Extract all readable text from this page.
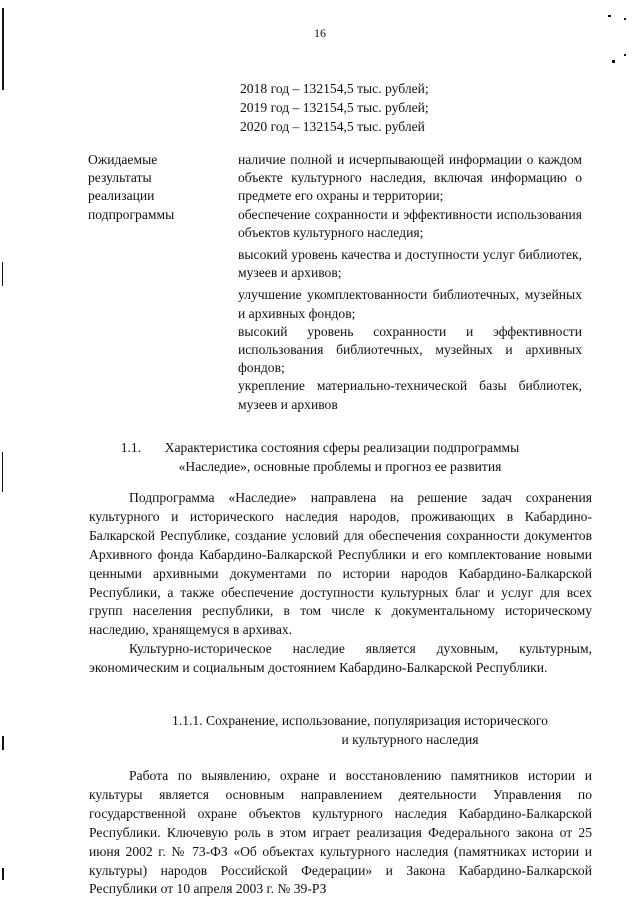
16
2018 год – 132154,5 тыс. рублей;
2019 год – 132154,5 тыс. рублей;
2020 год – 132154,5 тыс. рублей
Ожидаемые
результаты
реализации
подпрограммы

наличие полной и исчерпывающей информации о каждом объекте культурного наследия, включая информацию о предмете его охраны и территории;

обеспечение сохранности и эффективности использования объектов культурного наследия;

высокий уровень качества и доступности услуг библиотек, музеев и архивов;

улучшение укомплектованности библиотечных, музейных и архивных фондов;

высокий уровень сохранности и эффективности использования библиотечных, музейных и архивных фондов;

укрепление материально-технической базы библиотек, музеев и архивов

1.1. Характеристика состояния сферы реализации подпрограммы
«Наследие», основные проблемы и прогноз ее развития

Подпрограмма «Наследие» направлена на решение задач сохранения культурного и исторического наследия народов, проживающих в Кабардино-Балкарской Республике, создание условий для обеспечения сохранности документов Архивного фонда Кабардино-Балкарской Республики и его комплектование новыми ценными архивными документами по истории народов Кабардино-Балкарской Республики, а также обеспечение доступности культурных благ и услуг для всех групп населения республики, в том числе к документальному историческому наследию, хранящемуся в архивах.

Культурно-историческое наследие является духовным, культурным, экономическим и социальным достоянием Кабардино-Балкарской Республики.

1.1.1. Сохранение, использование, популяризация исторического
и культурного наследия

Работа по выявлению, охране и восстановлению памятников истории и культуры является основным направлением деятельности Управления по государственной охране объектов культурного наследия Кабардино-Балкарской Республики. Ключевую роль в этом играет реализация Федерального закона от 25 июня 2002 г. № 73-ФЗ «Об объектах культурного наследия (памятниках истории и культуры) народов Российской Федерации» и Закона Кабардино-Балкарской Республики от 10 апреля 2003 г. № 39-РЗ
